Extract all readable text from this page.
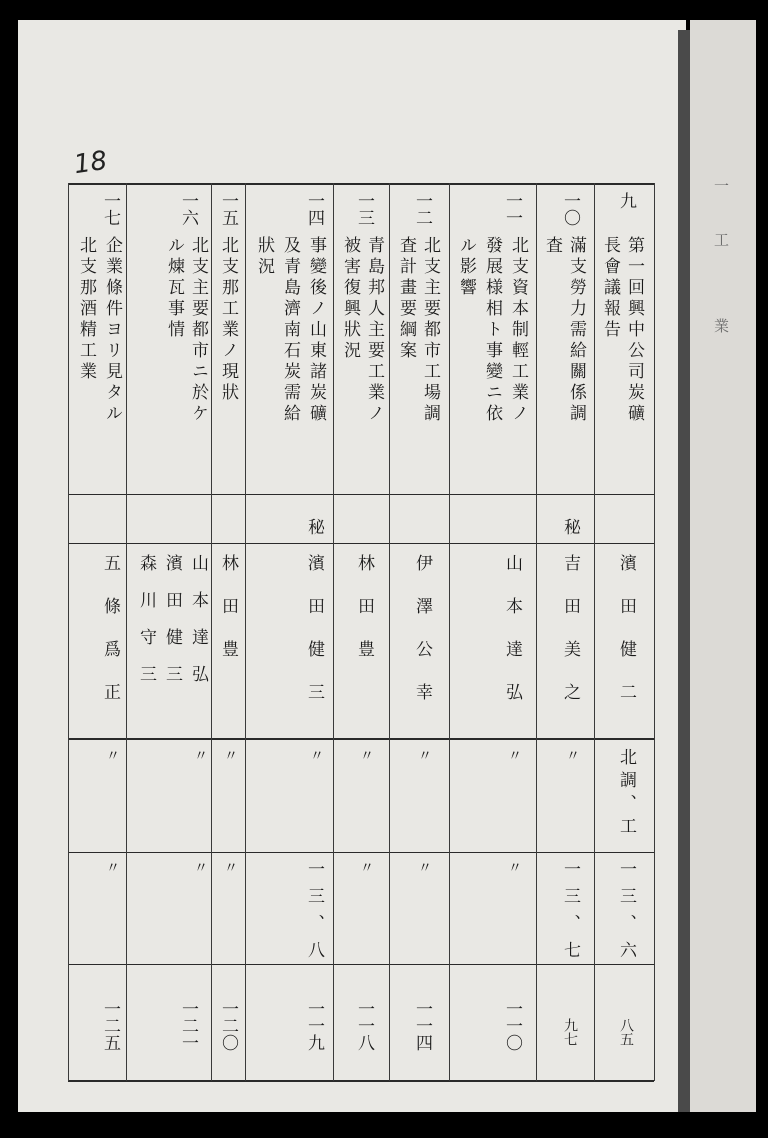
一
工
業
18
九
第一回興中公司炭礦
長會議報告
濱田健二
北調、工
一三、六
八五
一〇
滿支勞力需給關係調
査
秘
吉田美之
〃
一三、七
九七
一一
北支資本制輕工業ノ
發展様相ト事變ニ依
ル影響
山本達弘
〃
〃
一一〇
一二
北支主要都市工場調
査計畫要綱案
伊澤公幸
〃
〃
一一四
一三
青島邦人主要工業ノ
被害復興狀況
林田豊
〃
〃
一一八
一四
事變後ノ山東諸炭礦
及青島濟南石炭需給
狀況
秘
濱田健三
〃
一三、八
一一九
一五
北支那工業ノ現狀
林田豊
〃
〃
一二〇
一六
北支主要都市ニ於ケ
ル煉瓦事情
山本達弘
濱田健三
森川守三
〃
〃
一二一
一七
企業條件ヨリ見タル
北支那酒精工業
五條爲正
〃
〃
一二五
